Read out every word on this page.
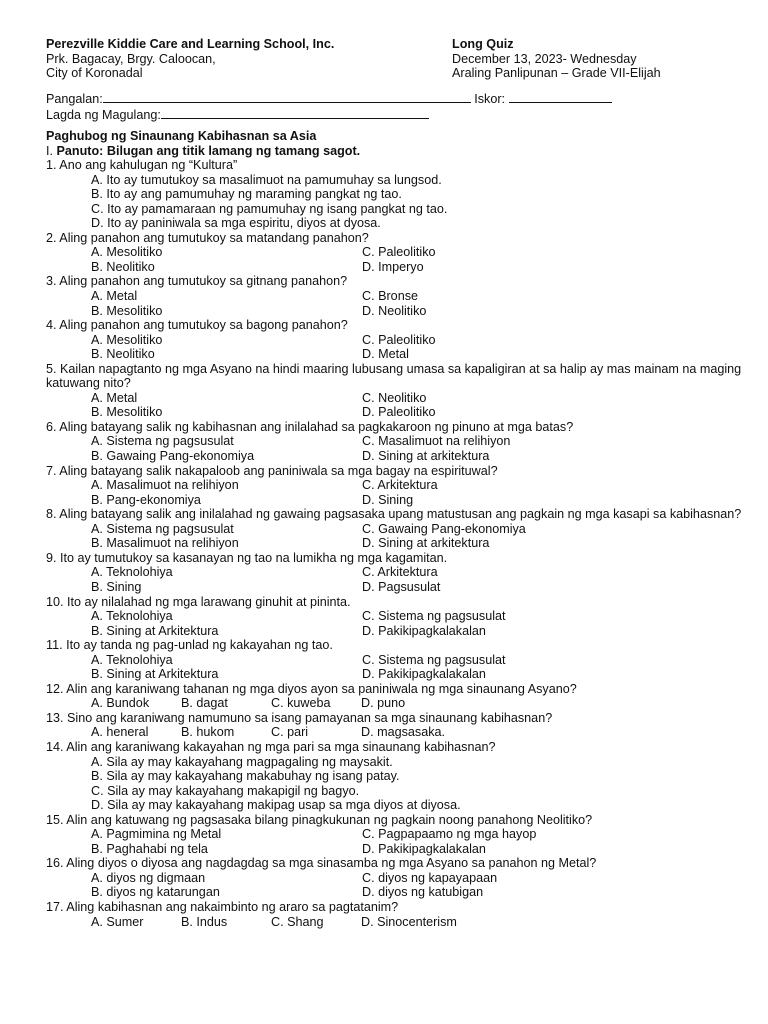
Perezville Kiddie Care and Learning School, Inc.	Long Quiz
Prk. Bagacay, Brgy. Caloocan,	December 13, 2023- Wednesday
City of Koronadal	Araling Panlipunan – Grade VII-Elijah
Pangalan:	Iskor:
Lagda ng Magulang:
Paghubog ng Sinaunang Kabihasnan sa Asia
I. Panuto: Bilugan ang titik lamang ng tamang sagot.
1. Ano ang kahulugan ng “Kultura”
A. Ito ay tumutukoy sa masalimuot na pamumuhay sa lungsod.
B. Ito ay ang pamumuhay ng maraming pangkat ng tao.
C. Ito ay pamamaraan ng pamumuhay ng isang pangkat ng tao.
D. Ito ay paniniwala sa mga espiritu, diyos at dyosa.
2. Aling panahon ang tumutukoy sa matandang panahon?
A. Mesolitiko	C. Paleolitiko
B. Neolitiko	D. Imperyo
3. Aling panahon ang tumutukoy sa gitnang panahon?
A. Metal	C. Bronse
B. Mesolitiko	D. Neolitiko
4. Aling panahon ang tumutukoy sa bagong panahon?
A. Mesolitiko	C. Paleolitiko
B. Neolitiko	D. Metal
5. Kailan napagtanto ng mga Asyano na hindi maaring lubusang umasa sa kapaligiran at sa halip ay mas mainam na maging katuwang nito?
A. Metal	C. Neolitiko
B. Mesolitiko	D. Paleolitiko
6. Aling batayang salik ng kabihasnan ang inilalahad sa pagkakaroon ng pinuno at mga batas?
A. Sistema ng pagsusulat	C. Masalimuot na relihiyon
B. Gawaing Pang-ekonomiya	D. Sining at arkitektura
7. Aling batayang salik nakapaloob ang paniniwala sa mga bagay na espirituwal?
A. Masalimuot na relihiyon	C. Arkitektura
B. Pang-ekonomiya	D. Sining
8. Aling batayang salik ang inilalahad ng gawaing pagsasaka upang matustusan ang pagkain ng mga kasapi sa kabihasnan?
A. Sistema ng pagsusulat	C. Gawaing Pang-ekonomiya
B. Masalimuot na relihiyon	D. Sining at arkitektura
9. Ito ay tumutukoy sa kasanayan ng tao na lumikha ng mga kagamitan.
A. Teknolohiya	C. Arkitektura
B. Sining	D. Pagsusulat
10. Ito ay nilalahad ng mga larawang ginuhit at pininta.
A. Teknolohiya	C. Sistema ng pagsusulat
B. Sining at Arkitektura	D. Pakikipagkalakalan
11. Ito ay tanda ng pag-unlad ng kakayahan ng tao.
A. Teknolohiya	C. Sistema ng pagsusulat
B. Sining at Arkitektura	D. Pakikipagkalakalan
12. Alin ang karaniwang tahanan ng mga diyos ayon sa paniniwala ng mga sinaunang Asyano?
A. Bundok	B. dagat	C. kuweba	D. puno
13. Sino ang karaniwang namumuno sa isang pamayanan sa mga sinaunang kabihasnan?
A. heneral	B. hukom	C. pari	D. magsasaka.
14. Alin ang karaniwang kakayahan ng mga pari sa mga sinaunang kabihasnan?
A. Sila ay may kakayahang magpagaling ng maysakit.
B. Sila ay may kakayahang makabuhay ng isang patay.
C. Sila ay may kakayahang makapigil ng bagyo.
D. Sila ay may kakayahang makipag usap sa mga diyos at diyosa.
15. Alin ang katuwang ng pagsasaka bilang pinagkukunan ng pagkain noong panahong Neolitiko?
A. Pagmimina ng Metal	C. Pagpapaamo ng mga hayop
B. Paghahabi ng tela	D. Pakikipagkalakalan
16. Aling diyos o diyosa ang nagdagdag sa mga sinasamba ng mga Asyano sa panahon ng Metal?
A. diyos ng digmaan	C. diyos ng kapayapaan
B. diyos ng katarungan	D. diyos ng katubigan
17. Aling kabihasnan ang nakaimbinto ng araro sa pagtatanim?
A. Sumer	B. Indus	C. Shang	D. Sinocenterism
